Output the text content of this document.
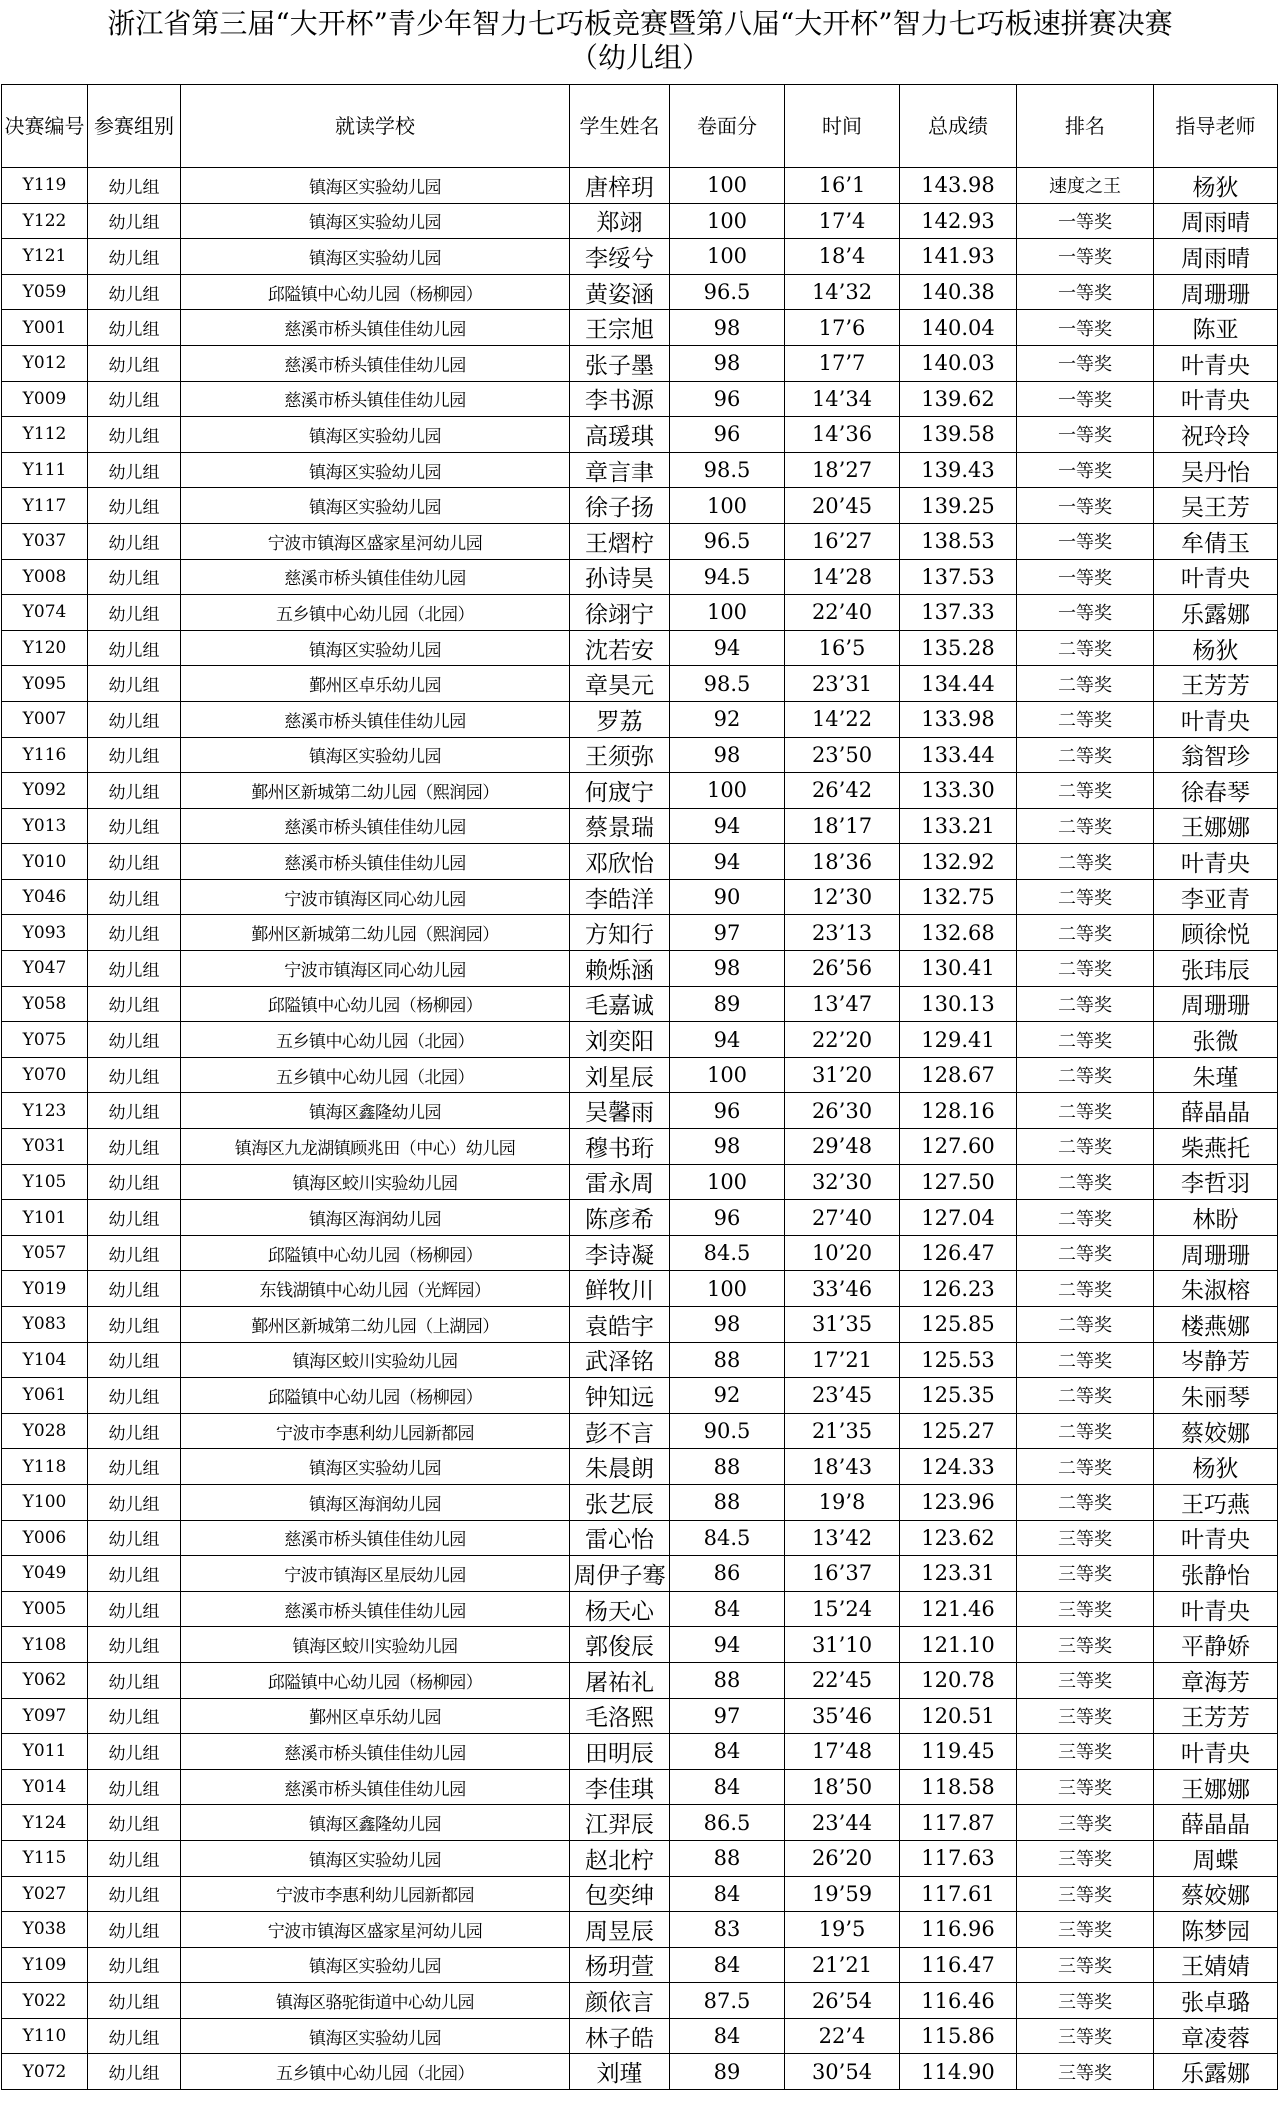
浙江省第三届“大开杯”青少年智力七巧板竞赛暨第八届“大开杯”智力七巧板速拼赛决赛
（幼儿组）
决赛编号	参赛组别	就读学校	学生姓名	卷面分	时间	总成绩	排名	指导老师
Y119	幼儿组	镇海区实验幼儿园	唐梓玥	100	16’1	143.98	速度之王	杨狄
Y122	幼儿组	镇海区实验幼儿园	郑翊	100	17’4	142.93	一等奖	周雨晴
Y121	幼儿组	镇海区实验幼儿园	李绥兮	100	18’4	141.93	一等奖	周雨晴
Y059	幼儿组	邱隘镇中心幼儿园（杨柳园）	黄姿涵	96.5	14’32	140.38	一等奖	周珊珊
Y001	幼儿组	慈溪市桥头镇佳佳幼儿园	王宗旭	98	17’6	140.04	一等奖	陈亚
Y012	幼儿组	慈溪市桥头镇佳佳幼儿园	张子墨	98	17’7	140.03	一等奖	叶青央
Y009	幼儿组	慈溪市桥头镇佳佳幼儿园	李书源	96	14’34	139.62	一等奖	叶青央
Y112	幼儿组	镇海区实验幼儿园	高瑗琪	96	14’36	139.58	一等奖	祝玲玲
Y111	幼儿组	镇海区实验幼儿园	章言聿	98.5	18’27	139.43	一等奖	吴丹怡
Y117	幼儿组	镇海区实验幼儿园	徐子扬	100	20’45	139.25	一等奖	吴王芳
Y037	幼儿组	宁波市镇海区盛家星河幼儿园	王熠柠	96.5	16’27	138.53	一等奖	牟倩玉
Y008	幼儿组	慈溪市桥头镇佳佳幼儿园	孙诗昊	94.5	14’28	137.53	一等奖	叶青央
Y074	幼儿组	五乡镇中心幼儿园（北园）	徐翊宁	100	22’40	137.33	一等奖	乐露娜
Y120	幼儿组	镇海区实验幼儿园	沈若安	94	16’5	135.28	二等奖	杨狄
Y095	幼儿组	鄞州区卓乐幼儿园	章昊元	98.5	23’31	134.44	二等奖	王芳芳
Y007	幼儿组	慈溪市桥头镇佳佳幼儿园	罗荔	92	14’22	133.98	二等奖	叶青央
Y116	幼儿组	镇海区实验幼儿园	王须弥	98	23’50	133.44	二等奖	翁智珍
Y092	幼儿组	鄞州区新城第二幼儿园（熙润园）	何宬宁	100	26’42	133.30	二等奖	徐春琴
Y013	幼儿组	慈溪市桥头镇佳佳幼儿园	蔡景瑞	94	18’17	133.21	二等奖	王娜娜
Y010	幼儿组	慈溪市桥头镇佳佳幼儿园	邓欣怡	94	18’36	132.92	二等奖	叶青央
Y046	幼儿组	宁波市镇海区同心幼儿园	李皓洋	90	12’30	132.75	二等奖	李亚青
Y093	幼儿组	鄞州区新城第二幼儿园（熙润园）	方知行	97	23’13	132.68	二等奖	顾徐悦
Y047	幼儿组	宁波市镇海区同心幼儿园	赖烁涵	98	26’56	130.41	二等奖	张玮辰
Y058	幼儿组	邱隘镇中心幼儿园（杨柳园）	毛嘉诚	89	13’47	130.13	二等奖	周珊珊
Y075	幼儿组	五乡镇中心幼儿园（北园）	刘奕阳	94	22’20	129.41	二等奖	张微
Y070	幼儿组	五乡镇中心幼儿园（北园）	刘星辰	100	31’20	128.67	二等奖	朱瑾
Y123	幼儿组	镇海区鑫隆幼儿园	吴馨雨	96	26’30	128.16	二等奖	薛晶晶
Y031	幼儿组	镇海区九龙湖镇顾兆田（中心）幼儿园	穆书珩	98	29’48	127.60	二等奖	柴燕托
Y105	幼儿组	镇海区蛟川实验幼儿园	雷永周	100	32’30	127.50	二等奖	李哲羽
Y101	幼儿组	镇海区海润幼儿园	陈彦希	96	27’40	127.04	二等奖	林盼
Y057	幼儿组	邱隘镇中心幼儿园（杨柳园）	李诗凝	84.5	10’20	126.47	二等奖	周珊珊
Y019	幼儿组	东钱湖镇中心幼儿园（光辉园）	鲜牧川	100	33’46	126.23	二等奖	朱淑榕
Y083	幼儿组	鄞州区新城第二幼儿园（上湖园）	袁皓宇	98	31’35	125.85	二等奖	楼燕娜
Y104	幼儿组	镇海区蛟川实验幼儿园	武泽铭	88	17’21	125.53	二等奖	岑静芳
Y061	幼儿组	邱隘镇中心幼儿园（杨柳园）	钟知远	92	23’45	125.35	二等奖	朱丽琴
Y028	幼儿组	宁波市李惠利幼儿园新都园	彭不言	90.5	21’35	125.27	二等奖	蔡姣娜
Y118	幼儿组	镇海区实验幼儿园	朱晨朗	88	18’43	124.33	二等奖	杨狄
Y100	幼儿组	镇海区海润幼儿园	张艺辰	88	19’8	123.96	二等奖	王巧燕
Y006	幼儿组	慈溪市桥头镇佳佳幼儿园	雷心怡	84.5	13’42	123.62	三等奖	叶青央
Y049	幼儿组	宁波市镇海区星辰幼儿园	周伊子骞	86	16’37	123.31	三等奖	张静怡
Y005	幼儿组	慈溪市桥头镇佳佳幼儿园	杨天心	84	15’24	121.46	三等奖	叶青央
Y108	幼儿组	镇海区蛟川实验幼儿园	郭俊辰	94	31’10	121.10	三等奖	平静娇
Y062	幼儿组	邱隘镇中心幼儿园（杨柳园）	屠祐礼	88	22’45	120.78	三等奖	章海芳
Y097	幼儿组	鄞州区卓乐幼儿园	毛洛熙	97	35’46	120.51	三等奖	王芳芳
Y011	幼儿组	慈溪市桥头镇佳佳幼儿园	田明辰	84	17’48	119.45	三等奖	叶青央
Y014	幼儿组	慈溪市桥头镇佳佳幼儿园	李佳琪	84	18’50	118.58	三等奖	王娜娜
Y124	幼儿组	镇海区鑫隆幼儿园	江羿辰	86.5	23’44	117.87	三等奖	薛晶晶
Y115	幼儿组	镇海区实验幼儿园	赵北柠	88	26’20	117.63	三等奖	周蝶
Y027	幼儿组	宁波市李惠利幼儿园新都园	包奕绅	84	19’59	117.61	三等奖	蔡姣娜
Y038	幼儿组	宁波市镇海区盛家星河幼儿园	周昱辰	83	19’5	116.96	三等奖	陈梦园
Y109	幼儿组	镇海区实验幼儿园	杨玥萱	84	21’21	116.47	三等奖	王婧婧
Y022	幼儿组	镇海区骆驼街道中心幼儿园	颜依言	87.5	26’54	116.46	三等奖	张卓璐
Y110	幼儿组	镇海区实验幼儿园	林子皓	84	22’4	115.86	三等奖	章凌蓉
Y072	幼儿组	五乡镇中心幼儿园（北园）	刘瑾	89	30’54	114.90	三等奖	乐露娜
